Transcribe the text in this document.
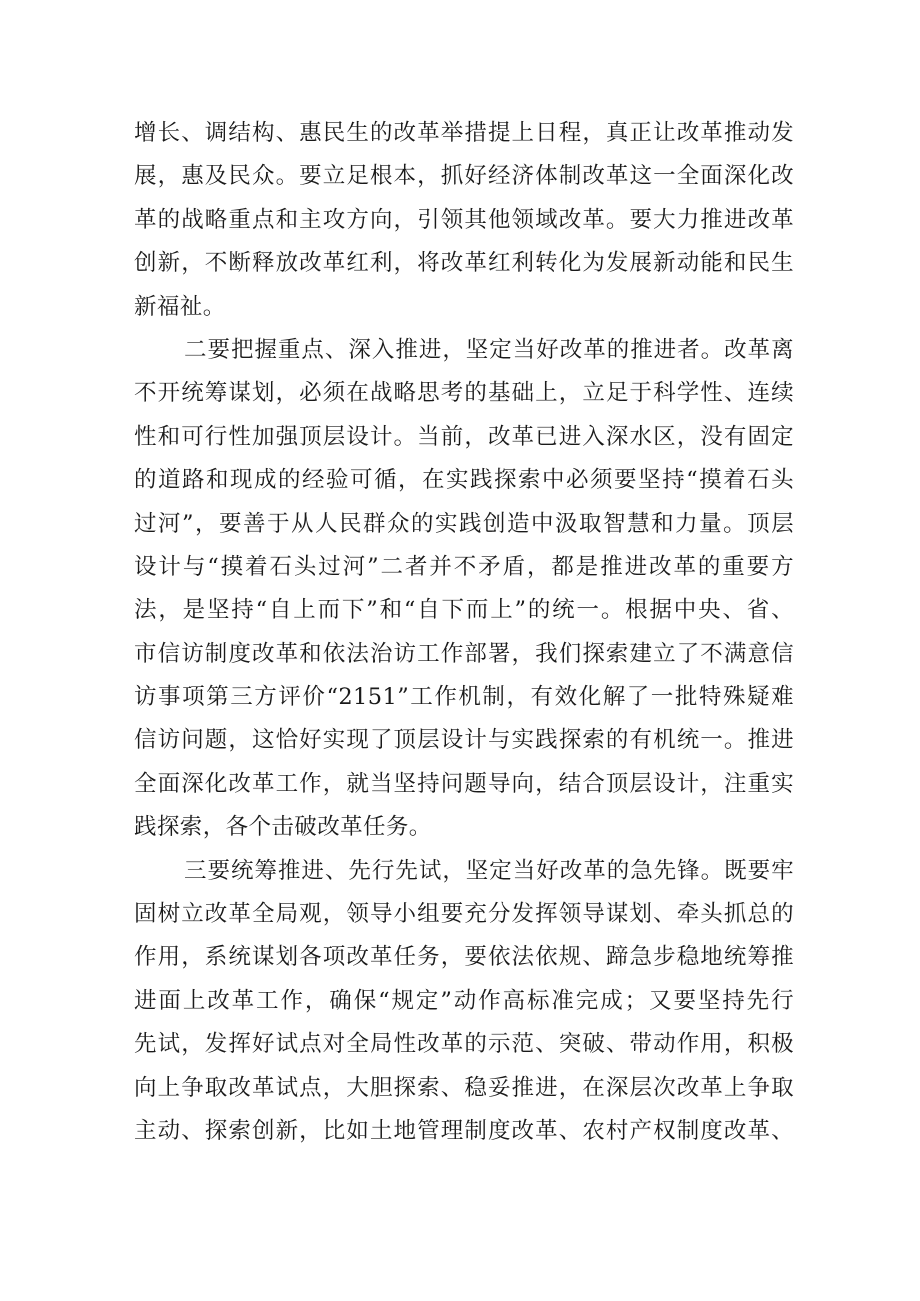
增长、调结构、惠民生的改革举措提上日程，真正让改革推动发
展，惠及民众。要立足根本，抓好经济体制改革这一全面深化改
革的战略重点和主攻方向，引领其他领域改革。要大力推进改革
创新，不断释放改革红利，将改革红利转化为发展新动能和民生
新福祉。
二要把握重点、深入推进，坚定当好改革的推进者。改革离
不开统筹谋划，必须在战略思考的基础上，立足于科学性、连续
性和可行性加强顶层设计。当前，改革已进入深水区，没有固定
的道路和现成的经验可循，在实践探索中必须要坚持“摸着石头
过河”，要善于从人民群众的实践创造中汲取智慧和力量。顶层
设计与“摸着石头过河”二者并不矛盾，都是推进改革的重要方
法，是坚持“自上而下”和“自下而上”的统一。根据中央、省、
市信访制度改革和依法治访工作部署，我们探索建立了不满意信
访事项第三方评价“2151”工作机制，有效化解了一批特殊疑难
信访问题，这恰好实现了顶层设计与实践探索的有机统一。推进
全面深化改革工作，就当坚持问题导向，结合顶层设计，注重实
践探索，各个击破改革任务。
三要统筹推进、先行先试，坚定当好改革的急先锋。既要牢
固树立改革全局观，领导小组要充分发挥领导谋划、牵头抓总的
作用，系统谋划各项改革任务，要依法依规、蹄急步稳地统筹推
进面上改革工作，确保“规定”动作高标准完成；又要坚持先行
先试，发挥好试点对全局性改革的示范、突破、带动作用，积极
向上争取改革试点，大胆探索、稳妥推进，在深层次改革上争取
主动、探索创新，比如土地管理制度改革、农村产权制度改革、
